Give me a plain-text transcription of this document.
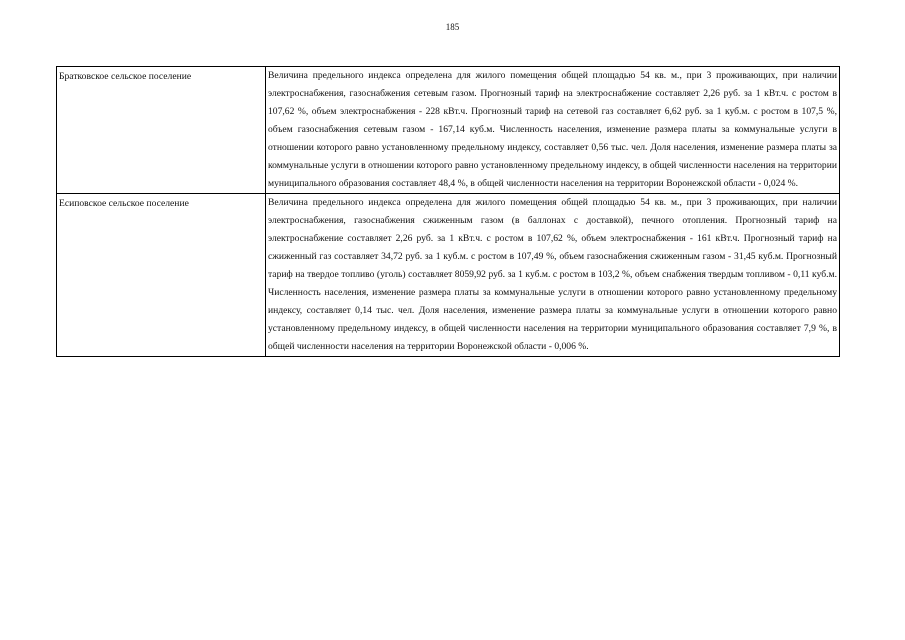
185
Братковское сельское поселение	Величина предельного индекса определена для жилого помещения общей площадью 54 кв. м., при 3 проживающих, при наличии электроснабжения, газоснабжения сетевым газом. Прогнозный тариф на электроснабжение составляет 2,26 руб. за 1 кВт.ч. с ростом в 107,62 %, объем электроснабжения - 228 кВт.ч. Прогнозный тариф на сетевой газ составляет 6,62 руб. за 1 куб.м. с ростом в 107,5 %, объем газоснабжения сетевым газом - 167,14 куб.м. Численность населения, изменение размера платы за коммунальные услуги в отношении которого равно установленному предельному индексу, составляет 0,56 тыс. чел. Доля населения, изменение размера платы за коммунальные услуги в отношении которого равно установленному предельному индексу, в общей численности населения на территории муниципального образования составляет 48,4 %, в общей численности населения на территории Воронежской области - 0,024 %.
Есиповское сельское поселение	Величина предельного индекса определена для жилого помещения общей площадью 54 кв. м., при 3 проживающих, при наличии электроснабжения, газоснабжения сжиженным газом (в баллонах с доставкой), печного отопления. Прогнозный тариф на электроснабжение составляет 2,26 руб. за 1 кВт.ч. с ростом в 107,62 %, объем электроснабжения - 161 кВт.ч. Прогнозный тариф на сжиженный газ составляет 34,72 руб. за 1 куб.м. с ростом в 107,49 %, объем газоснабжения сжиженным газом - 31,45 куб.м. Прогнозный тариф на твердое топливо (уголь) составляет 8059,92 руб. за 1 куб.м. с ростом в 103,2 %, объем снабжения твердым топливом - 0,11 куб.м. Численность населения, изменение размера платы за коммунальные услуги в отношении которого равно установленному предельному индексу, составляет 0,14 тыс. чел. Доля населения, изменение размера платы за коммунальные услуги в отношении которого равно установленному предельному индексу, в общей численности населения на территории муниципального образования составляет 7,9 %, в общей численности населения на территории Воронежской области - 0,006 %.
